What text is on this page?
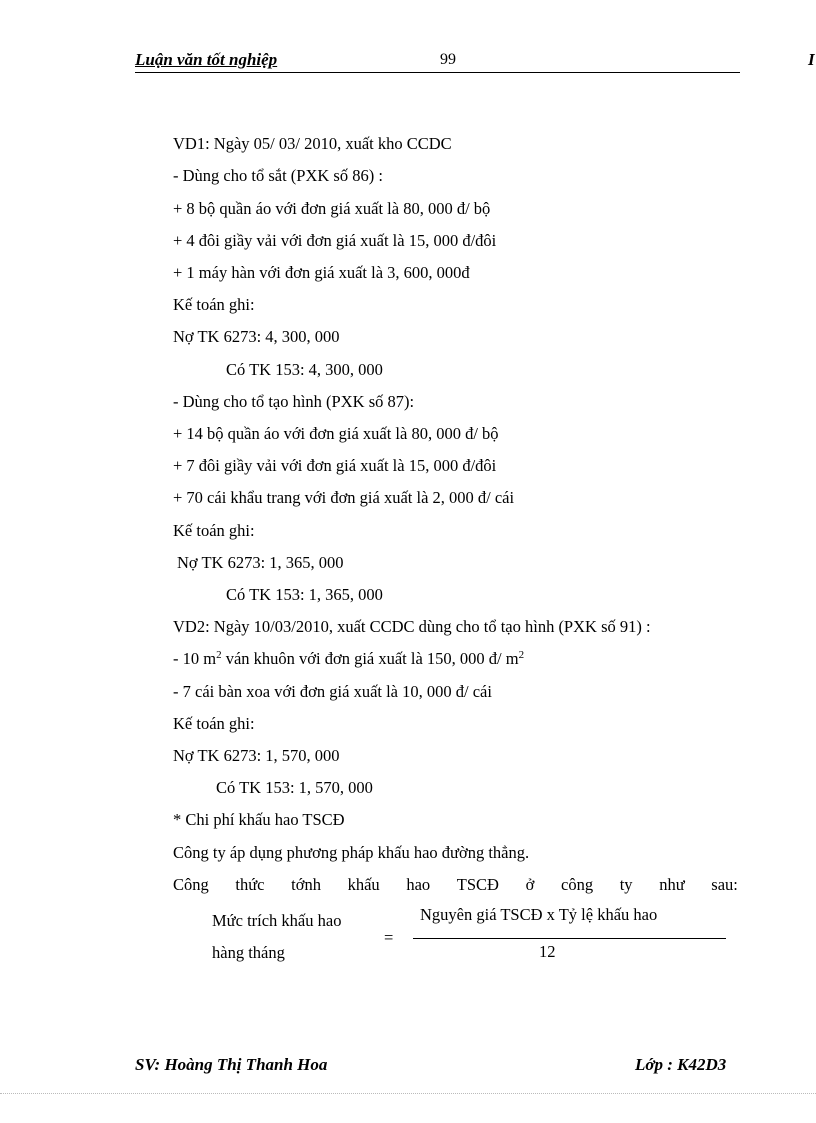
Luận văn tốt nghiệp	99	I
VD1: Ngày 05/ 03/ 2010, xuất kho CCDC
- Dùng cho tổ sắt (PXK số 86) :
+ 8 bộ quần áo với đơn giá xuất là 80, 000 đ/ bộ
+ 4 đôi giầy vải với đơn giá xuất là 15, 000 đ/đôi
+ 1 máy hàn với đơn giá xuất là 3, 600, 000đ
Kế toán ghi:
Nợ TK 6273: 4, 300, 000
Có TK 153: 4, 300, 000
- Dùng cho tổ tạo hình (PXK số 87):
+ 14 bộ quần áo với đơn giá xuất là 80, 000 đ/ bộ
+ 7 đôi giầy vải với đơn giá xuất là 15, 000 đ/đôi
+ 70 cái khẩu trang với đơn giá xuất là 2, 000 đ/ cái
Kế toán ghi:
Nợ TK 6273: 1, 365, 000
Có TK 153: 1, 365, 000
VD2: Ngày 10/03/2010, xuất CCDC dùng cho tổ tạo hình (PXK số 91) :
- 10 $m^2$ ván khuôn với đơn giá xuất là 150, 000 đ/ $m^2$
- 7 cái bàn xoa với đơn giá xuất là 10, 000 đ/ cái
Kế toán ghi:
Nợ TK 6273: 1, 570, 000
Có TK 153: 1, 570, 000
* Chi phí khấu hao TSCĐ
Công ty áp dụng phương pháp khấu hao đường thẳng.
Công thức tớnh khấu hao TSCĐ ở công ty như sau:
Mức trích khấu hao
hàng tháng
=
Nguyên giá TSCĐ x Tỷ lệ khấu hao
12
SV: Hoàng Thị Thanh Hoa	Lớp : K42D3
